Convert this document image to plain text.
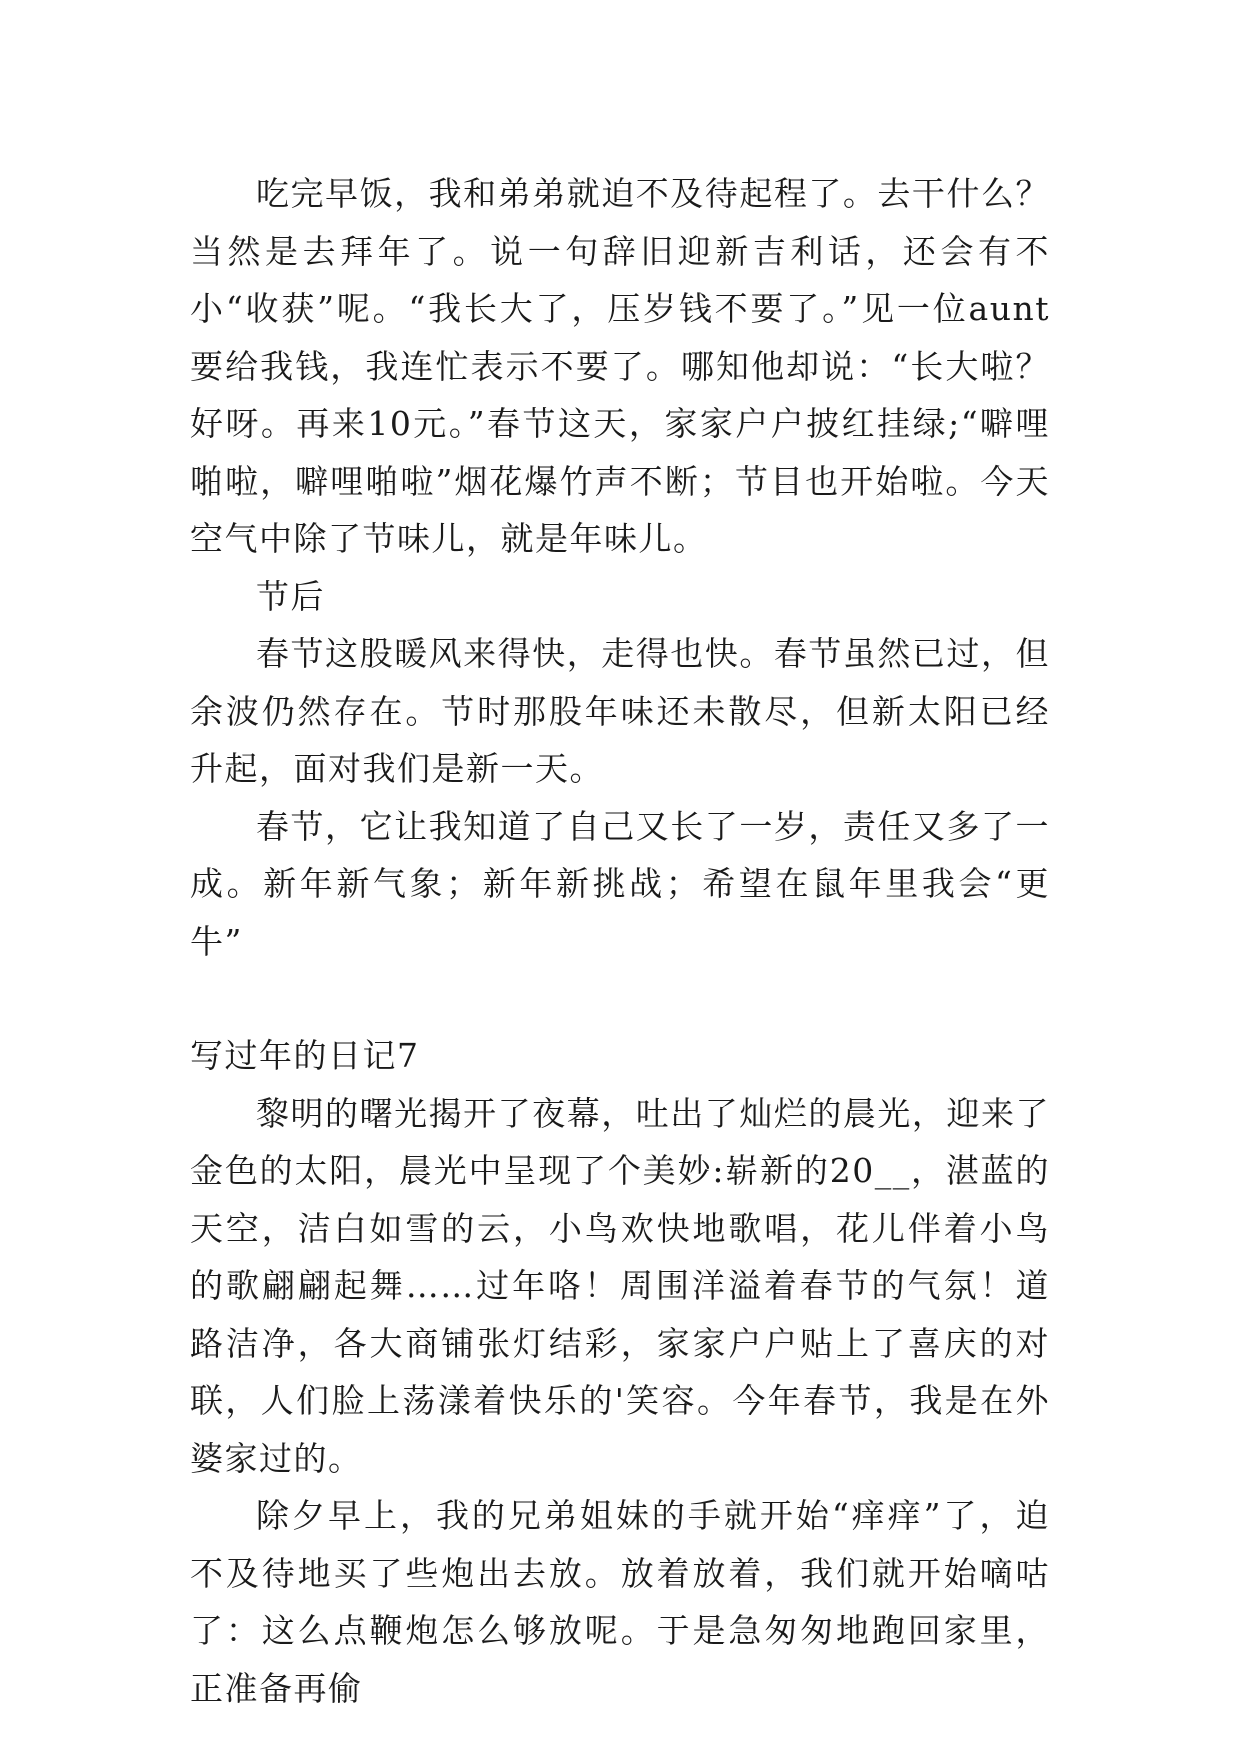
吃完早饭，我和弟弟就迫不及待起程了。去干什么？当然是去拜年了。说一句辞旧迎新吉利话，还会有不小“收获”呢。“我长大了，压岁钱不要了。”见一位aunt要给我钱，我连忙表示不要了。哪知他却说：“长大啦？好呀。再来10元。”春节这天，家家户户披红挂绿;“噼哩啪啦，噼哩啪啦”烟花爆竹声不断；节目也开始啦。今天空气中除了节味儿，就是年味儿。

节后

春节这股暖风来得快，走得也快。春节虽然已过，但余波仍然存在。节时那股年味还未散尽，但新太阳已经升起，面对我们是新一天。

春节，它让我知道了自己又长了一岁，责任又多了一成。新年新气象；新年新挑战；希望在鼠年里我会“更牛”

写过年的日记7

黎明的曙光揭开了夜幕，吐出了灿烂的晨光，迎来了金色的太阳，晨光中呈现了个美妙:崭新的20__，湛蓝的天空，洁白如雪的云，小鸟欢快地歌唱，花儿伴着小鸟的歌翩翩起舞……过年咯！周围洋溢着春节的气氛！道路洁净，各大商铺张灯结彩，家家户户贴上了喜庆的对联，人们脸上荡漾着快乐的'笑容。今年春节，我是在外婆家过的。

除夕早上，我的兄弟姐妹的手就开始“痒痒”了，迫不及待地买了些炮出去放。放着放着，我们就开始嘀咕了：这么点鞭炮怎么够放呢。于是急匆匆地跑回家里，正准备再偷
